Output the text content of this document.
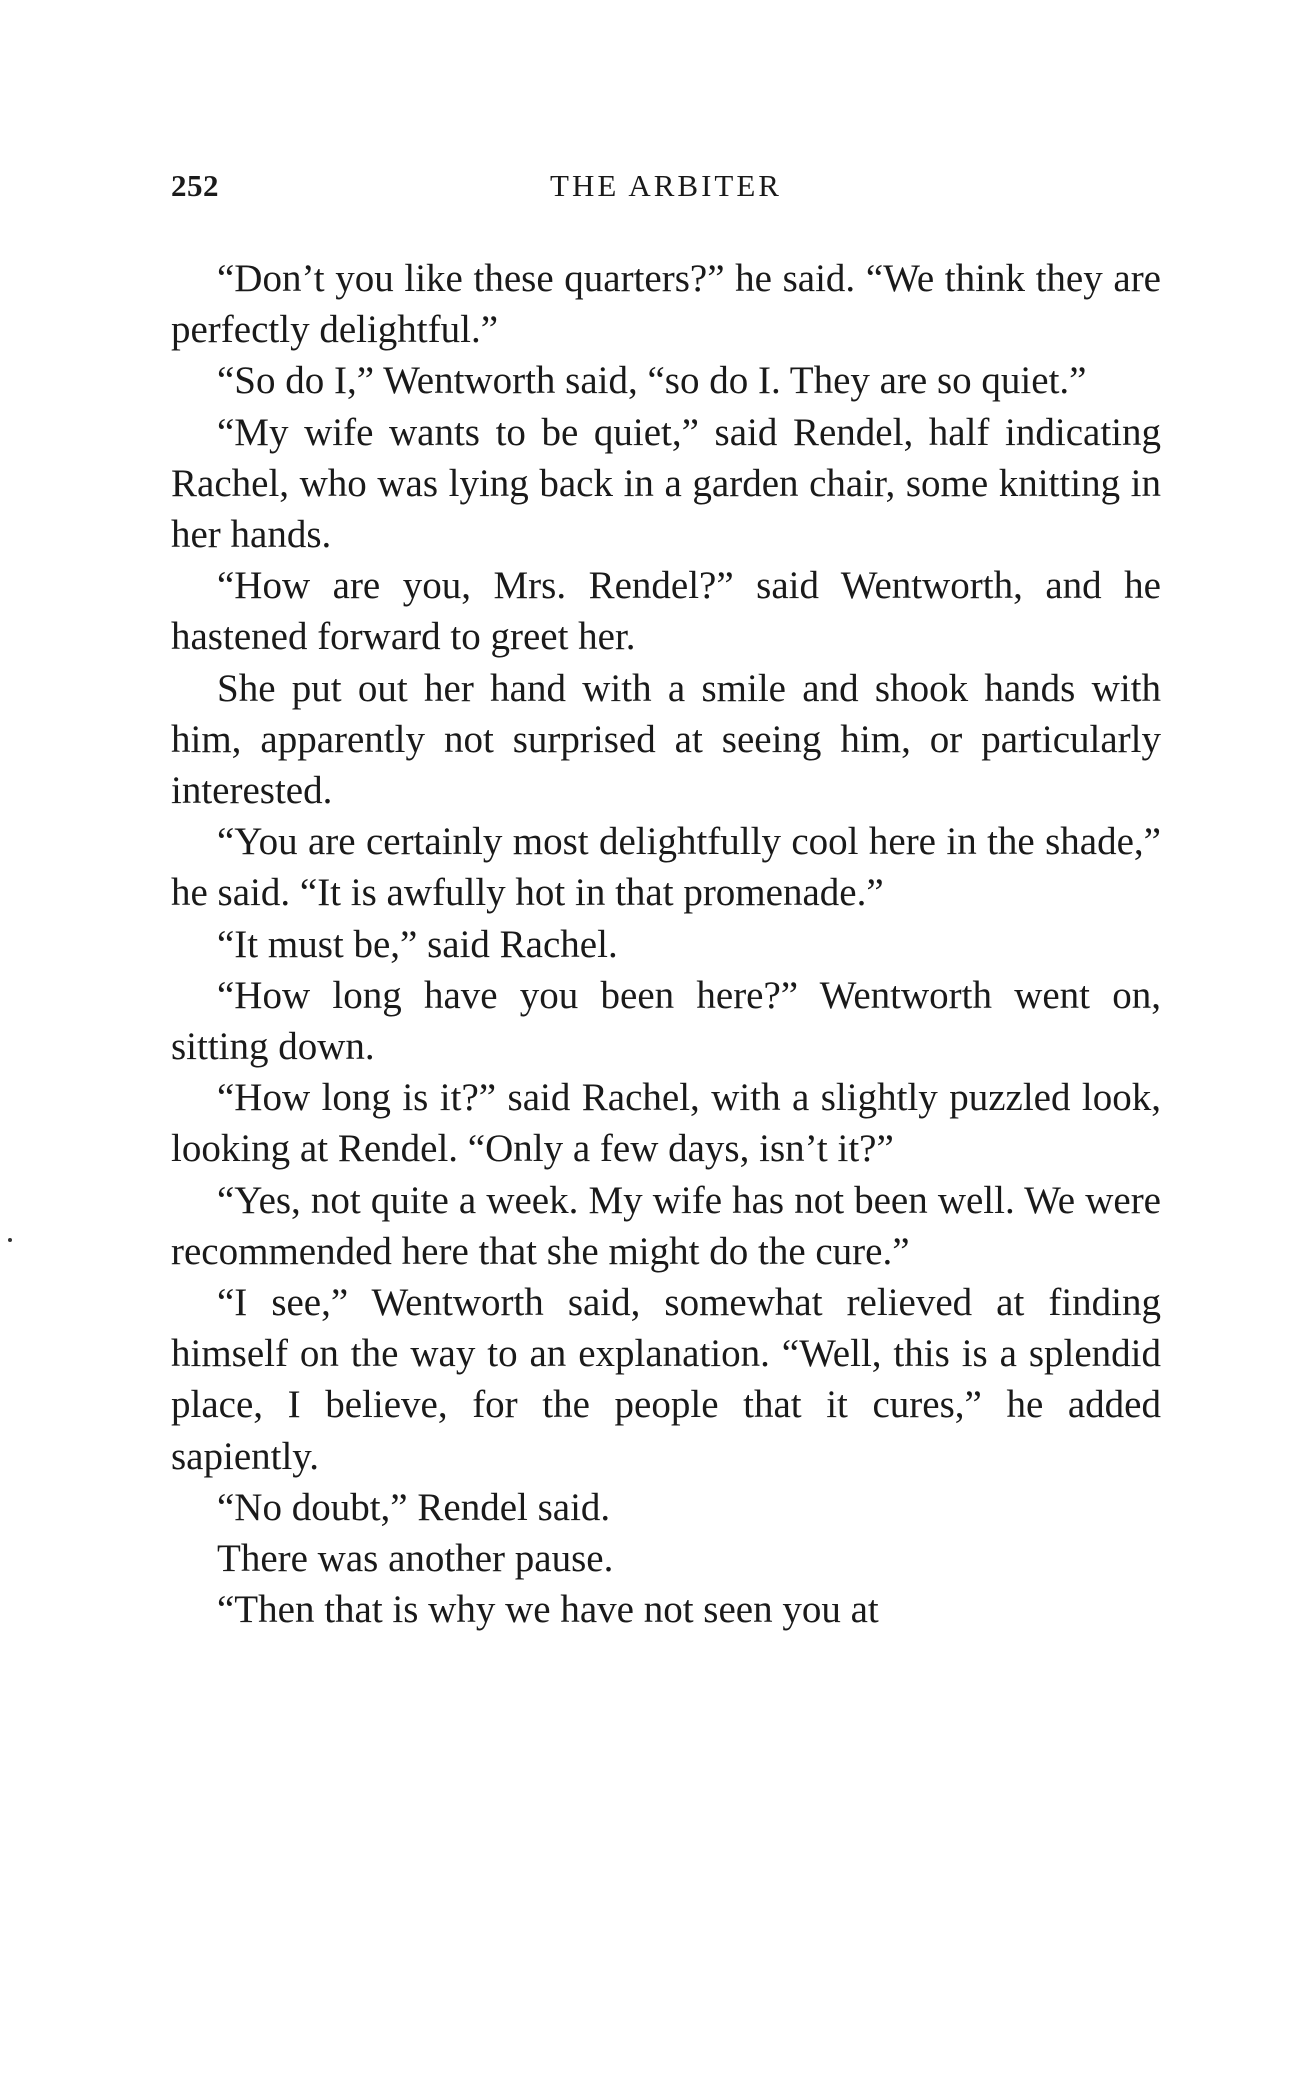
252	THE ARBITER

“Don’t you like these quarters?” he said. “We think they are perfectly delightful.”

“So do I,” Wentworth said, “so do I. They are so quiet.”

“My wife wants to be quiet,” said Rendel, half indicating Rachel, who was lying back in a garden chair, some knitting in her hands.

“How are you, Mrs. Rendel?” said Wentworth, and he hastened forward to greet her.

She put out her hand with a smile and shook hands with him, apparently not surprised at seeing him, or particularly interested.

“You are certainly most delightfully cool here in the shade,” he said. “It is awfully hot in that promenade.”

“It must be,” said Rachel.

“How long have you been here?” Wentworth went on, sitting down.

“How long is it?” said Rachel, with a slightly puzzled look, looking at Rendel. “Only a few days, isn’t it?”

“Yes, not quite a week. My wife has not been well. We were recommended here that she might do the cure.”

“I see,” Wentworth said, somewhat relieved at finding himself on the way to an explanation. “Well, this is a splendid place, I believe, for the people that it cures,” he added sapiently.

“No doubt,” Rendel said.

There was another pause.

“Then that is why we have not seen you at
